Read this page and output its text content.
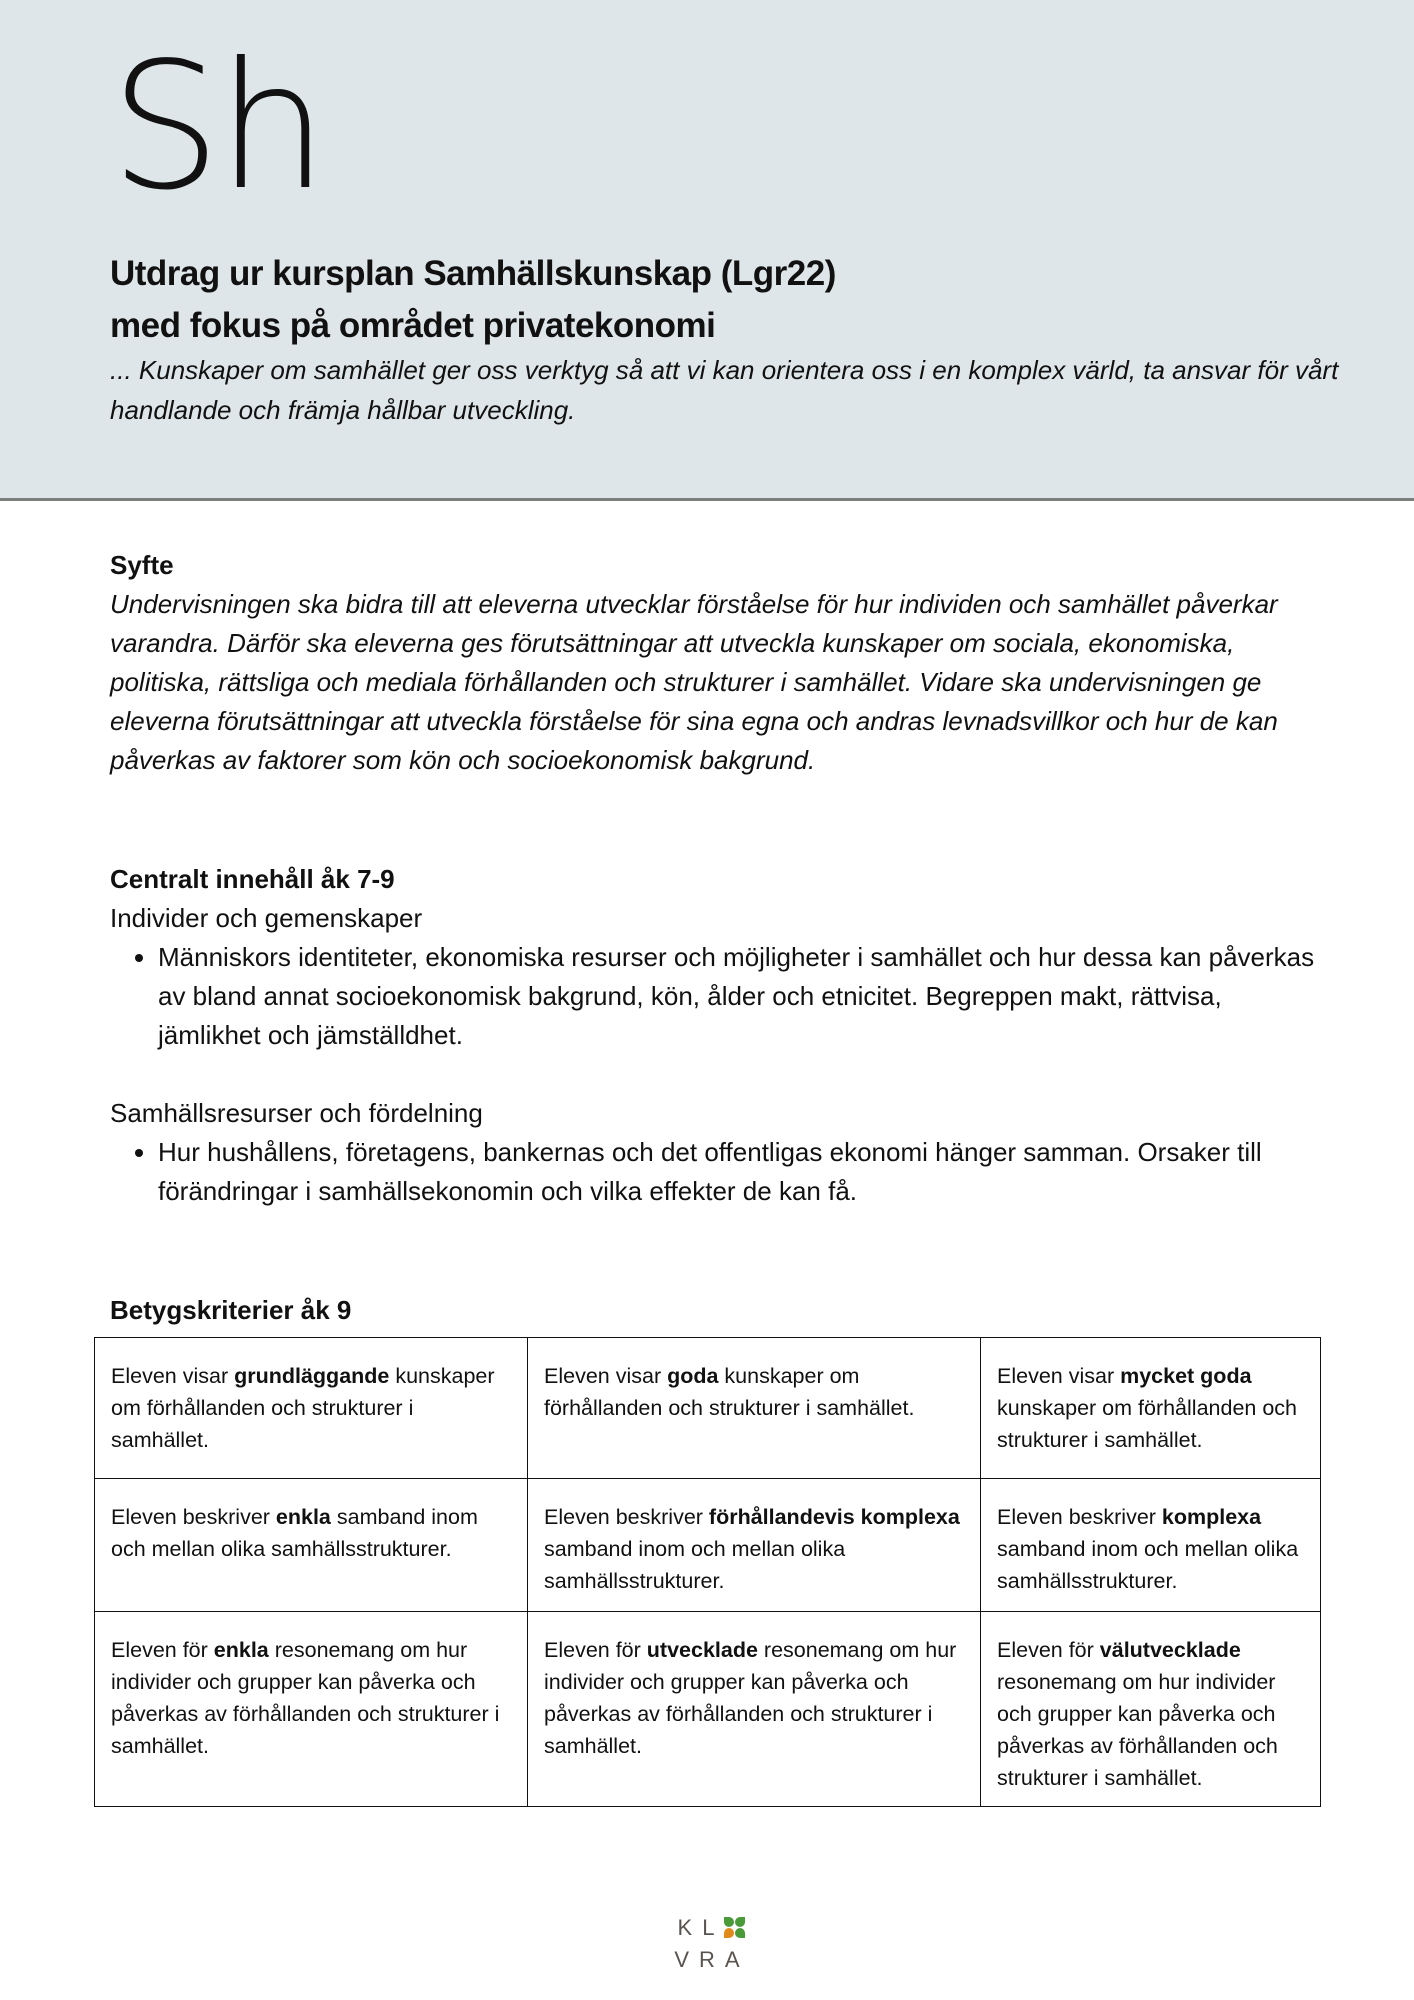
Sh
Utdrag ur kursplan Samhällskunskap (Lgr22)
med fokus på området privatekonomi
... Kunskaper om samhället ger oss verktyg så att vi kan orientera oss i en komplex värld, ta ansvar för vårt handlande och främja hållbar utveckling.
Syfte
Undervisningen ska bidra till att eleverna utvecklar förståelse för hur individen och samhället påverkar varandra. Därför ska eleverna ges förutsättningar att utveckla kunskaper om sociala, ekonomiska, politiska, rättsliga och mediala förhållanden och strukturer i samhället. Vidare ska undervisningen ge eleverna förutsättningar att utveckla förståelse för sina egna och andras levnadsvillkor och hur de kan påverkas av faktorer som kön och socioekonomisk bakgrund.
Centralt innehåll åk 7-9
Individer och gemenskaper
• Människors identiteter, ekonomiska resurser och möjligheter i samhället och hur dessa kan påverkas av bland annat socioekonomisk bakgrund, kön, ålder och etnicitet. Begreppen makt, rättvisa, jämlikhet och jämställdhet.
Samhällsresurser och fördelning
• Hur hushållens, företagens, bankernas och det offentligas ekonomi hänger samman. Orsaker till förändringar i samhällsekonomin och vilka effekter de kan få.
Betygskriterier åk 9
Eleven visar grundläggande kunskaper om förhållanden och strukturer i samhället.	Eleven visar goda kunskaper om förhållanden och strukturer i samhället.	Eleven visar mycket goda kunskaper om förhållanden och strukturer i samhället.
Eleven beskriver enkla samband inom och mellan olika samhällsstrukturer.	Eleven beskriver förhållandevis komplexa samband inom och mellan olika samhällsstrukturer.	Eleven beskriver komplexa samband inom och mellan olika samhällsstrukturer.
Eleven för enkla resonemang om hur individer och grupper kan påverka och påverkas av förhållanden och strukturer i samhället.	Eleven för utvecklade resonemang om hur individer och grupper kan påverka och påverkas av förhållanden och strukturer i samhället.	Eleven för välutvecklade resonemang om hur individer och grupper kan påverka och påverkas av förhållanden och strukturer i samhället.
KL
VRA
